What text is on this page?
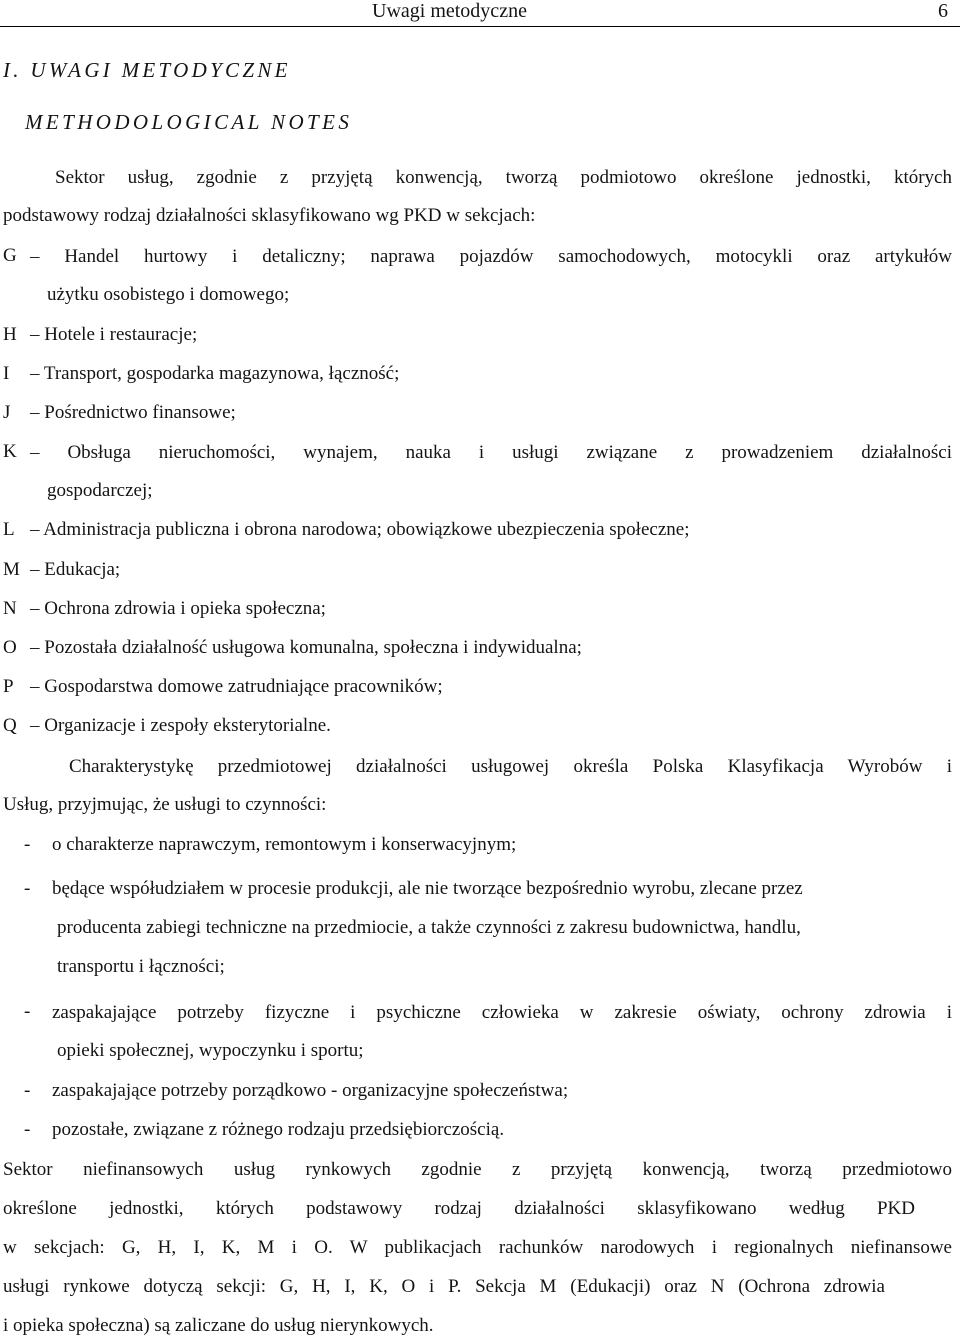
Uwagi metodyczne	6
I. UWAGI METODYCZNE
METHODOLOGICAL NOTES
Sektor usług, zgodnie z przyjętą konwencją, tworzą podmiotowo określone jednostki, których
podstawowy rodzaj działalności sklasyfikowano wg PKD w sekcjach:
G – Handel hurtowy i detaliczny; naprawa pojazdów samochodowych, motocykli oraz artykułów
użytku osobistego i domowego;
H – Hotele i restauracje;
I – Transport, gospodarka magazynowa, łączność;
J – Pośrednictwo finansowe;
K – Obsługa nieruchomości, wynajem, nauka i usługi związane z prowadzeniem działalności
gospodarczej;
L – Administracja publiczna i obrona narodowa; obowiązkowe ubezpieczenia społeczne;
M – Edukacja;
N – Ochrona zdrowia i opieka społeczna;
O – Pozostała działalność usługowa komunalna, społeczna i indywidualna;
P – Gospodarstwa domowe zatrudniające pracowników;
Q – Organizacje i zespoły eksterytorialne.
Charakterystykę przedmiotowej działalności usługowej określa Polska Klasyfikacja Wyrobów i
Usług, przyjmując, że usługi to czynności:
- o charakterze naprawczym, remontowym i konserwacyjnym;
- będące współudziałem w procesie produkcji, ale nie tworzące bezpośrednio wyrobu, zlecane przez
producenta zabiegi techniczne na przedmiocie, a także czynności z zakresu budownictwa, handlu,
transportu i łączności;
- zaspakajające potrzeby fizyczne i psychiczne człowieka w zakresie oświaty, ochrony zdrowia i
opieki społecznej, wypoczynku i sportu;
- zaspakajające potrzeby porządkowo - organizacyjne społeczeństwa;
- pozostałe, związane z różnego rodzaju przedsiębiorczością.
Sektor niefinansowych usług rynkowych zgodnie z przyjętą konwencją, tworzą przedmiotowo
określone jednostki, których podstawowy rodzaj działalności sklasyfikowano według PKD
w sekcjach: G, H, I, K, M i O. W publikacjach rachunków narodowych i regionalnych niefinansowe
usługi rynkowe dotyczą sekcji: G, H, I, K, O i P. Sekcja M (Edukacji) oraz N (Ochrona zdrowia
i opieka społeczna) są zaliczane do usług nierynkowych.
